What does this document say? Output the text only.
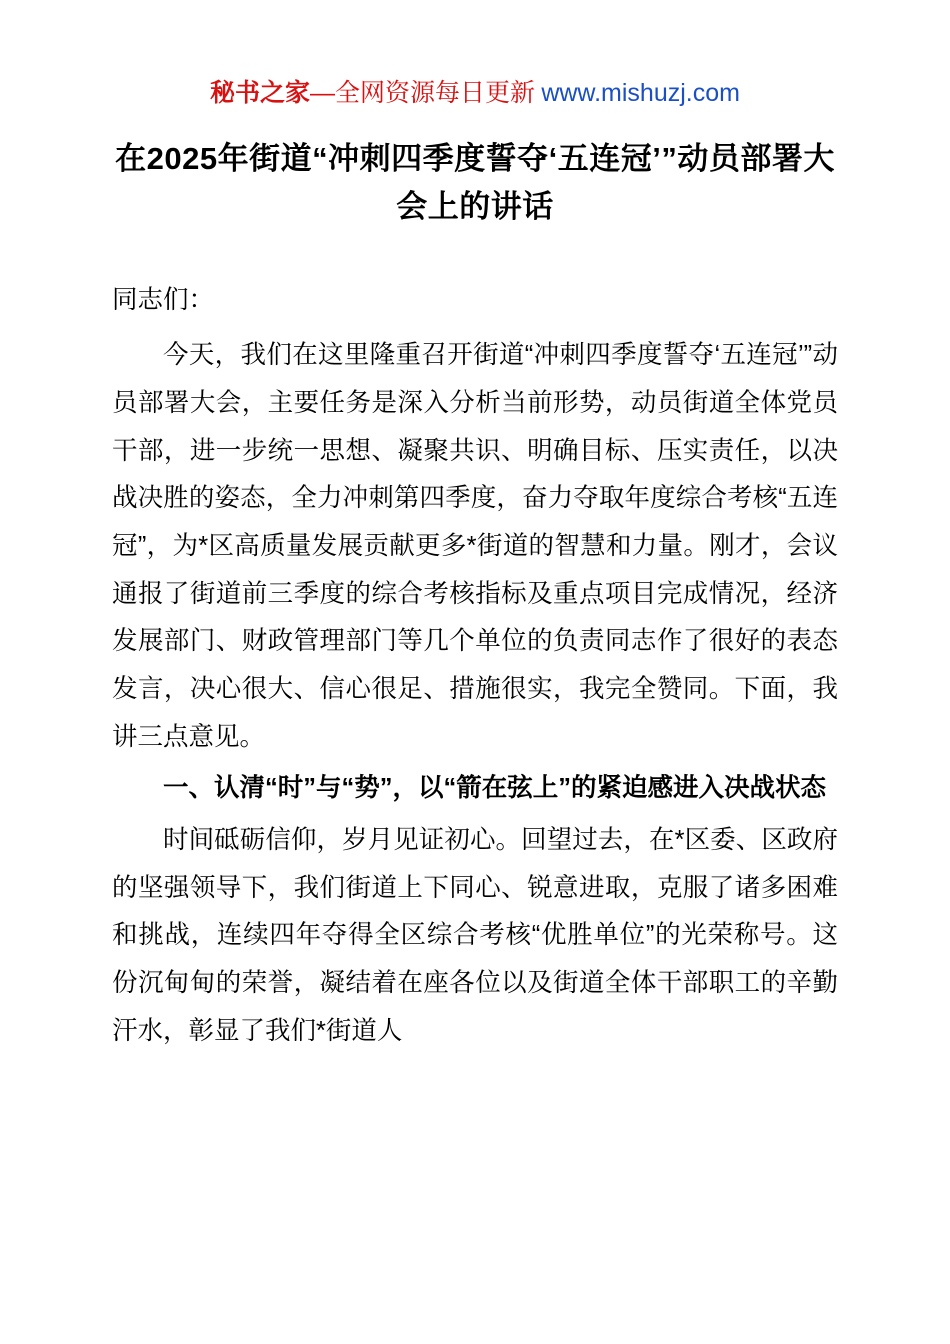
秘书之家—全网资源每日更新 www.mishuzj.com
在2025年街道“冲刺四季度誓夺‘五连冠’”动员部署大会上的讲话
同志们：

今天，我们在这里隆重召开街道“冲刺四季度誓夺‘五连冠’”动员部署大会，主要任务是深入分析当前形势，动员街道全体党员干部，进一步统一思想、凝聚共识、明确目标、压实责任，以决战决胜的姿态，全力冲刺第四季度，奋力夺取年度综合考核“五连冠”，为*区高质量发展贡献更多*街道的智慧和力量。刚才，会议通报了街道前三季度的综合考核指标及重点项目完成情况，经济发展部门、财政管理部门等几个单位的负责同志作了很好的表态发言，决心很大、信心很足、措施很实，我完全赞同。下面，我讲三点意见。

一、认清“时”与“势”，以“箭在弦上”的紧迫感进入决战状态

时间砥砺信仰，岁月见证初心。回望过去，在*区委、区政府的坚强领导下，我们街道上下同心、锐意进取，克服了诸多困难和挑战，连续四年夺得全区综合考核“优胜单位”的光荣称号。这份沉甸甸的荣誉，凝结着在座各位以及街道全体干部职工的辛勤汗水，彰显了我们*街道人
